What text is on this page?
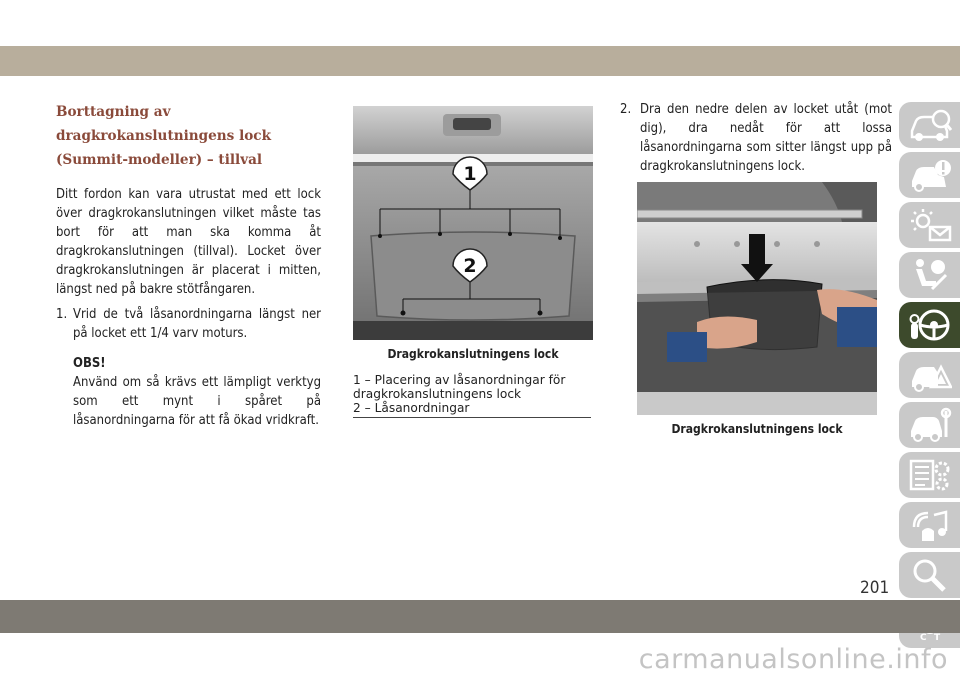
Borttagning av dragkrokanslutningens lock (Summit-modeller) – tillval

Ditt fordon kan vara utrustat med ett lock över dragkrokanslutningen vilket måste tas bort för att man ska komma åt dragkrokanslutningen (tillval). Locket över dragkrokanslutningen är placerat i mitten, längst ned på bakre stötfångaren.

1. Vrid de två låsanordningarna längst ner på locket ett 1/4 varv moturs.
OBS!
Använd om så krävs ett lämpligt verktyg som ett mynt i spåret på låsanordningarna för att få ökad vridkraft.
1
2
Dragkrokanslutningens lock
1 – Placering av låsanordningar för dragkrokanslutningens lock
2 – Låsanordningar
2. Dra den nedre delen av locket utåt (mot dig), dra nedåt för att lossa låsanordningarna som sitter längst upp på dragkrokanslutningens lock.
Dragkrokanslutningens lock
C T
201
carmanualsonline.info
